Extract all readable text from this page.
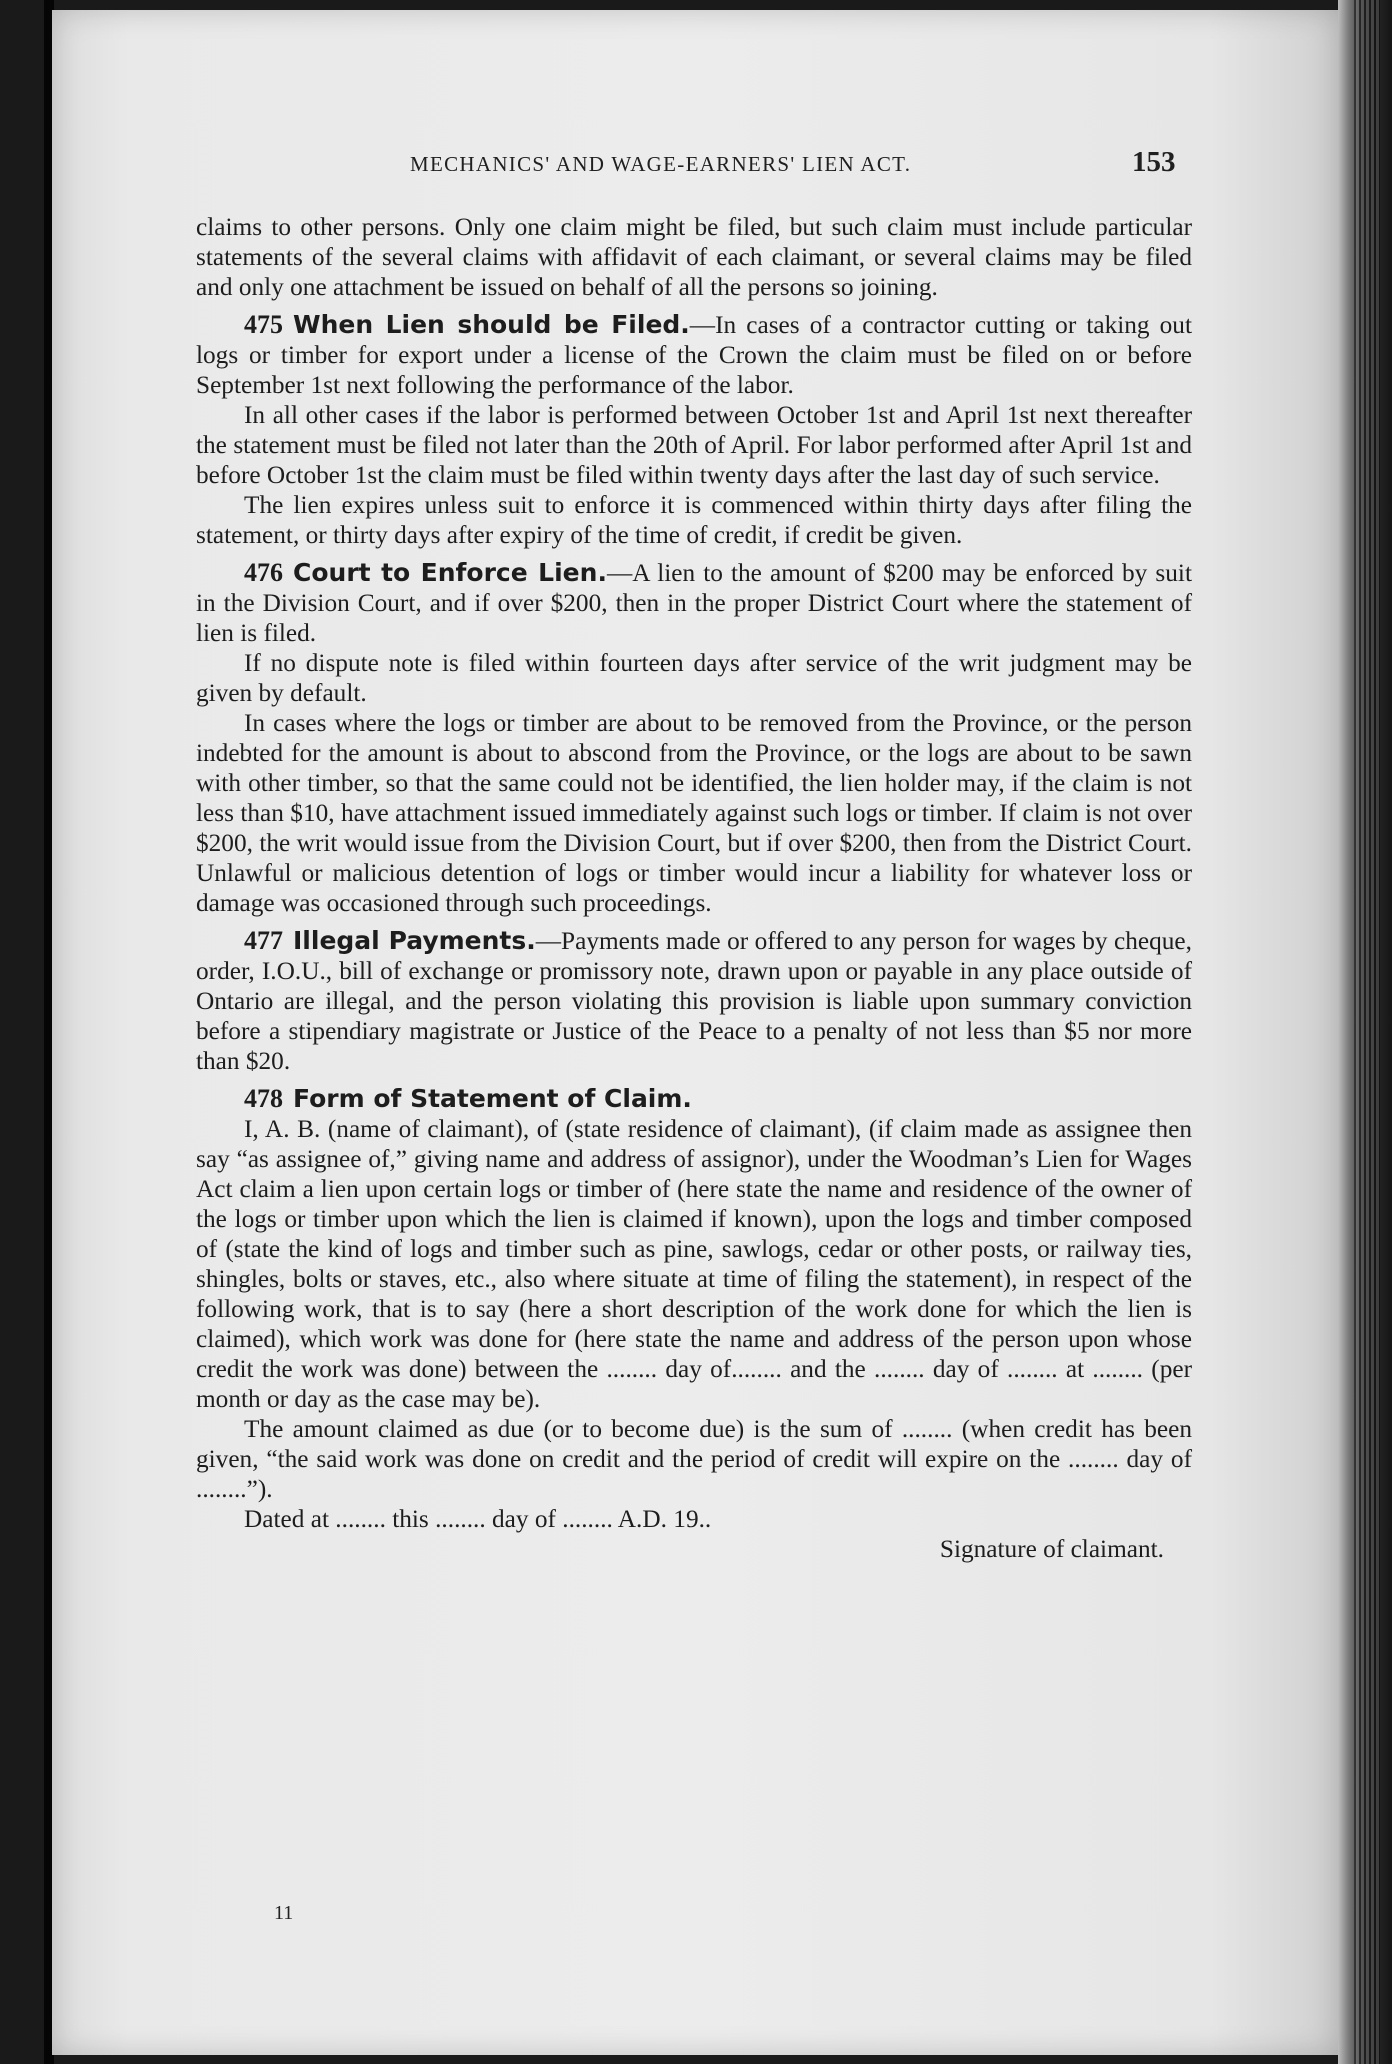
MECHANICS' AND WAGE-EARNERS' LIEN ACT.	153

claims to other persons. Only one claim might be filed, but such claim must include particular statements of the several claims with affidavit of each claimant, or several claims may be filed and only one attachment be issued on behalf of all the persons so joining.

475 When Lien should be Filed.—In cases of a contractor cutting or taking out logs or timber for export under a license of the Crown the claim must be filed on or before September 1st next following the performance of the labor.

In all other cases if the labor is performed between October 1st and April 1st next thereafter the statement must be filed not later than the 20th of April. For labor performed after April 1st and before October 1st the claim must be filed within twenty days after the last day of such service.

The lien expires unless suit to enforce it is commenced within thirty days after filing the statement, or thirty days after expiry of the time of credit, if credit be given.

476 Court to Enforce Lien.—A lien to the amount of $200 may be enforced by suit in the Division Court, and if over $200, then in the proper District Court where the statement of lien is filed.

If no dispute note is filed within fourteen days after service of the writ judgment may be given by default.

In cases where the logs or timber are about to be removed from the Province, or the person indebted for the amount is about to abscond from the Province, or the logs are about to be sawn with other timber, so that the same could not be identified, the lien holder may, if the claim is not less than $10, have attachment issued immediately against such logs or timber. If claim is not over $200, the writ would issue from the Division Court, but if over $200, then from the District Court. Unlawful or malicious detention of logs or timber would incur a liability for whatever loss or damage was occasioned through such proceedings.

477 Illegal Payments.—Payments made or offered to any person for wages by cheque, order, I.O.U., bill of exchange or promissory note, drawn upon or payable in any place outside of Ontario are illegal, and the person violating this provision is liable upon summary conviction before a stipendiary magistrate or Justice of the Peace to a penalty of not less than $5 nor more than $20.

478 Form of Statement of Claim.

I, A. B. (name of claimant), of (state residence of claimant), (if claim made as assignee then say “as assignee of,” giving name and address of assignor), under the Woodman’s Lien for Wages Act claim a lien upon certain logs or timber of (here state the name and residence of the owner of the logs or timber upon which the lien is claimed if known), upon the logs and timber composed of (state the kind of logs and timber such as pine, sawlogs, cedar or other posts, or railway ties, shingles, bolts or staves, etc., also where situate at time of filing the statement), in respect of the following work, that is to say (here a short description of the work done for which the lien is claimed), which work was done for (here state the name and address of the person upon whose credit the work was done) between the ........ day of........ and the ........ day of ........ at ........ (per month or day as the case may be).

The amount claimed as due (or to become due) is the sum of ........ (when credit has been given, “the said work was done on credit and the period of credit will expire on the ........ day of ........”).

Dated at ........ this ........ day of ........ A.D. 19..

Signature of claimant.

11
